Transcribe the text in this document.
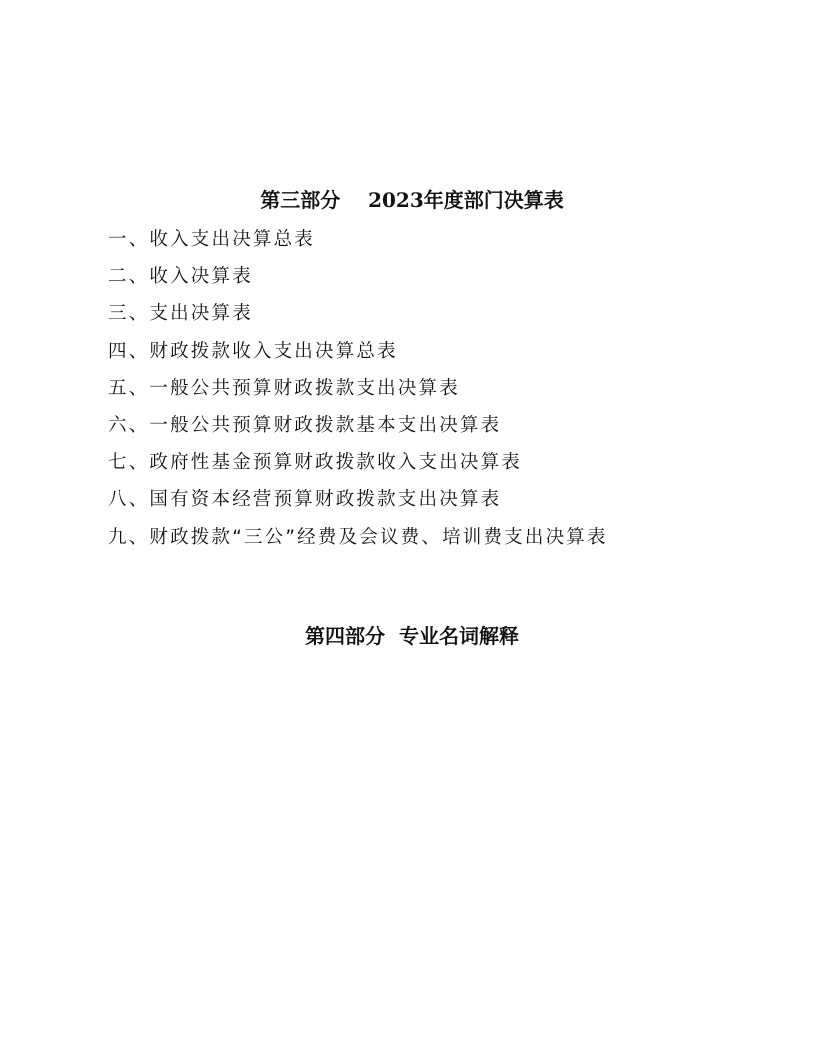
第三部分    2023年度部门决算表
一、收入支出决算总表
二、收入决算表
三、支出决算表
四、财政拨款收入支出决算总表
五、一般公共预算财政拨款支出决算表
六、一般公共预算财政拨款基本支出决算表
七、政府性基金预算财政拨款收入支出决算表
八、国有资本经营预算财政拨款支出决算表
九、财政拨款“三公”经费及会议费、培训费支出决算表
第四部分  专业名词解释
